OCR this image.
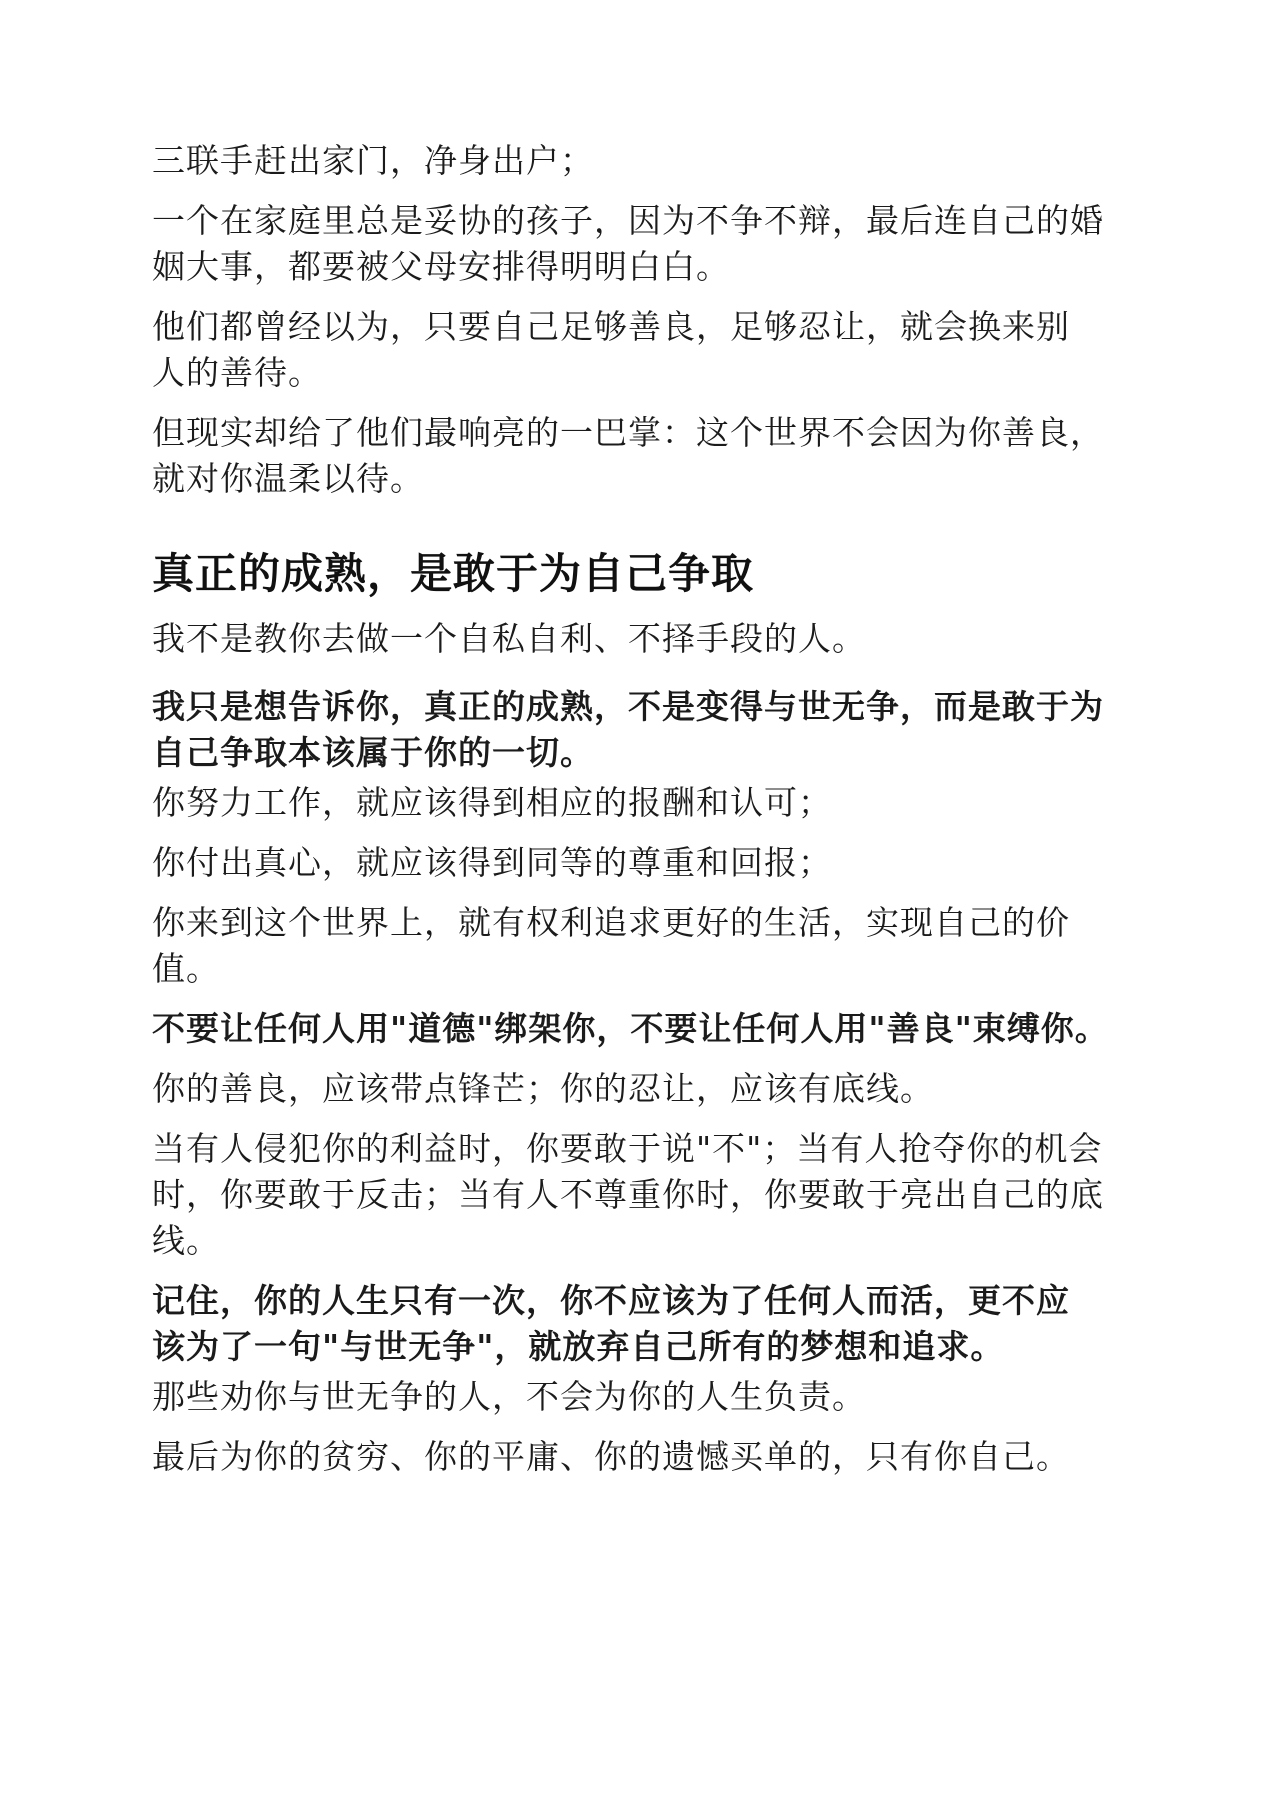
三联手赶出家门，净身出户；

一个在家庭里总是妥协的孩子，因为不争不辩，最后连自己的婚
姻大事，都要被父母安排得明明白白。

他们都曾经以为，只要自己足够善良，足够忍让，就会换来别
人的善待。

但现实却给了他们最响亮的一巴掌：这个世界不会因为你善良，
就对你温柔以待。

真正的成熟，是敢于为自己争取

我不是教你去做一个自私自利、不择手段的人。

我只是想告诉你，真正的成熟，不是变得与世无争，而是敢于为
自己争取本该属于你的一切。

你努力工作，就应该得到相应的报酬和认可；

你付出真心，就应该得到同等的尊重和回报；

你来到这个世界上，就有权利追求更好的生活，实现自己的价
值。

不要让任何人用"道德"绑架你，不要让任何人用"善良"束缚你。

你的善良，应该带点锋芒；你的忍让，应该有底线。

当有人侵犯你的利益时，你要敢于说"不"；当有人抢夺你的机会
时，你要敢于反击；当有人不尊重你时，你要敢于亮出自己的底
线。

记住，你的人生只有一次，你不应该为了任何人而活，更不应
该为了一句"与世无争"，就放弃自己所有的梦想和追求。

那些劝你与世无争的人，不会为你的人生负责。

最后为你的贫穷、你的平庸、你的遗憾买单的，只有你自己。
